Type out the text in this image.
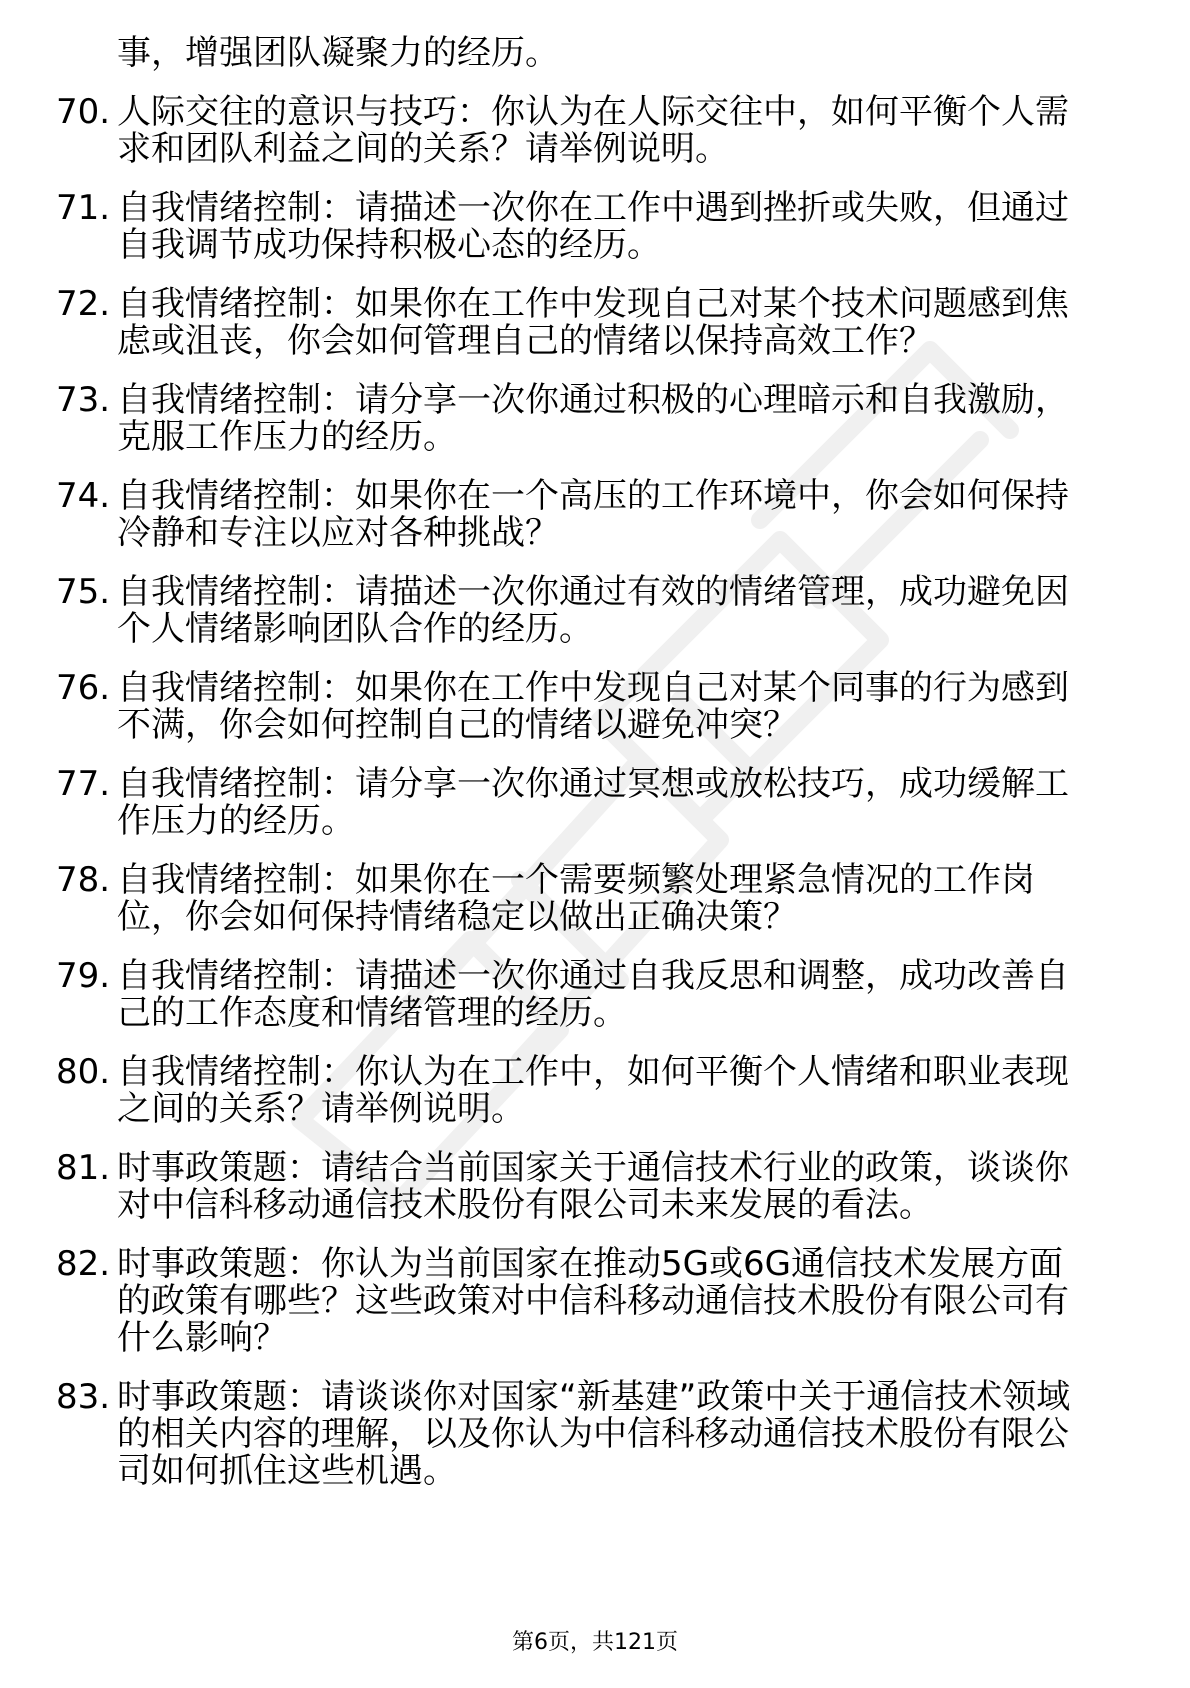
事，增强团队凝聚力的经历。
70. 人际交往的意识与技巧：你认为在人际交往中，如何平衡个人需
求和团队利益之间的关系？请举例说明。
71. 自我情绪控制：请描述一次你在工作中遇到挫折或失败，但通过
自我调节成功保持积极心态的经历。
72. 自我情绪控制：如果你在工作中发现自己对某个技术问题感到焦
虑或沮丧，你会如何管理自己的情绪以保持高效工作？
73. 自我情绪控制：请分享一次你通过积极的心理暗示和自我激励，
克服工作压力的经历。
74. 自我情绪控制：如果你在一个高压的工作环境中，你会如何保持
冷静和专注以应对各种挑战？
75. 自我情绪控制：请描述一次你通过有效的情绪管理，成功避免因
个人情绪影响团队合作的经历。
76. 自我情绪控制：如果你在工作中发现自己对某个同事的行为感到
不满，你会如何控制自己的情绪以避免冲突？
77. 自我情绪控制：请分享一次你通过冥想或放松技巧，成功缓解工
作压力的经历。
78. 自我情绪控制：如果你在一个需要频繁处理紧急情况的工作岗
位，你会如何保持情绪稳定以做出正确决策？
79. 自我情绪控制：请描述一次你通过自我反思和调整，成功改善自
己的工作态度和情绪管理的经历。
80. 自我情绪控制：你认为在工作中，如何平衡个人情绪和职业表现
之间的关系？请举例说明。
81. 时事政策题：请结合当前国家关于通信技术行业的政策，谈谈你
对中信科移动通信技术股份有限公司未来发展的看法。
82. 时事政策题：你认为当前国家在推动5G或6G通信技术发展方面
的政策有哪些？这些政策对中信科移动通信技术股份有限公司有
什么影响？
83. 时事政策题：请谈谈你对国家“新基建”政策中关于通信技术领域
的相关内容的理解，以及你认为中信科移动通信技术股份有限公
司如何抓住这些机遇。
第6页，共121页
